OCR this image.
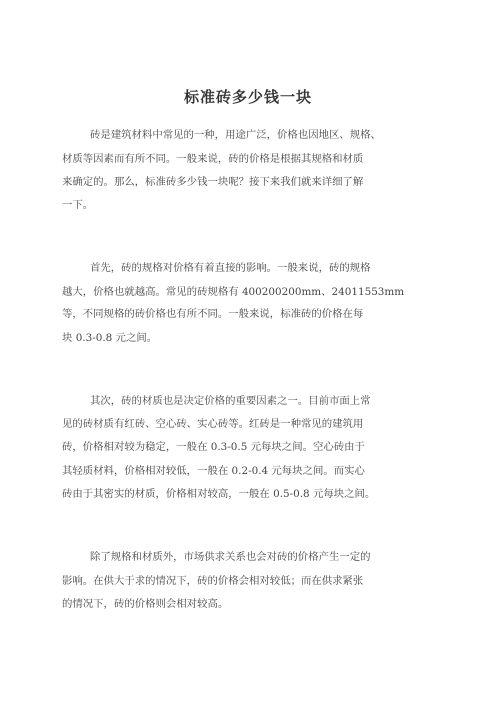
标准砖多少钱一块
砖是建筑材料中常见的一种，用途广泛，价格也因地区、规格、
材质等因素而有所不同。一般来说，砖的价格是根据其规格和材质
来确定的。那么，标准砖多少钱一块呢？接下来我们就来详细了解
一下。
首先，砖的规格对价格有着直接的影响。一般来说，砖的规格
越大，价格也就越高。常见的砖规格有 400200200mm、24011553mm
等，不同规格的砖价格也有所不同。一般来说，标准砖的价格在每
块 0.3-0.8 元之间。
其次，砖的材质也是决定价格的重要因素之一。目前市面上常
见的砖材质有红砖、空心砖、实心砖等。红砖是一种常见的建筑用
砖，价格相对较为稳定，一般在 0.3-0.5 元每块之间。空心砖由于
其轻质材料，价格相对较低，一般在 0.2-0.4 元每块之间。而实心
砖由于其密实的材质，价格相对较高，一般在 0.5-0.8 元每块之间。
除了规格和材质外，市场供求关系也会对砖的价格产生一定的
影响。在供大于求的情况下，砖的价格会相对较低；而在供求紧张
的情况下，砖的价格则会相对较高。
